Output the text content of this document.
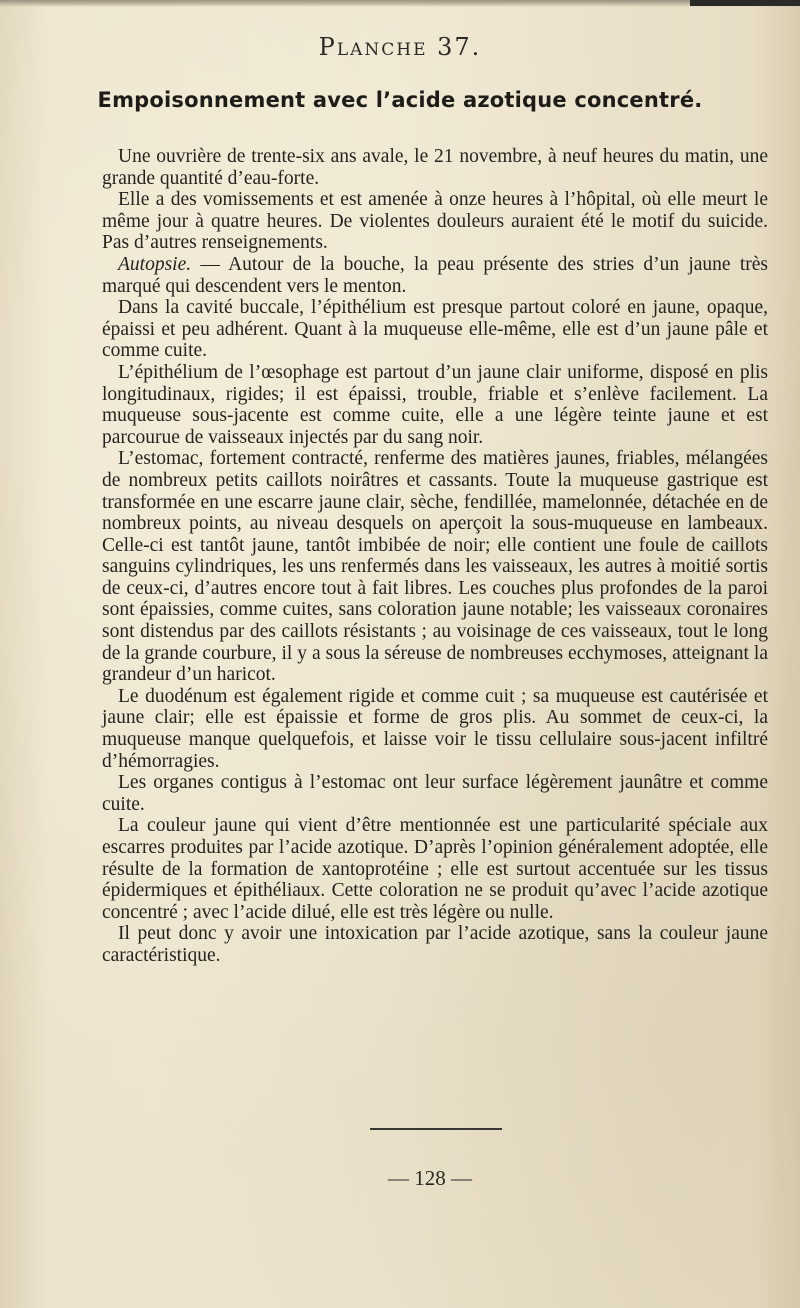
Planche 37.
Empoisonnement avec l’acide azotique concentré.

Une ouvrière de trente-six ans avale, le 21 novembre, à neuf heures du matin, une grande quantité d’eau-forte.

Elle a des vomissements et est amenée à onze heures à l’hôpital, où elle meurt le même jour à quatre heures. De violentes douleurs auraient été le motif du suicide. Pas d’autres renseignements.

Autopsie. — Autour de la bouche, la peau présente des stries d’un jaune très marqué qui descendent vers le menton.

Dans la cavité buccale, l’épithélium est presque partout coloré en jaune, opaque, épaissi et peu adhérent. Quant à la muqueuse elle-même, elle est d’un jaune pâle et comme cuite.

L’épithélium de l’œsophage est partout d’un jaune clair uniforme, disposé en plis longitudinaux, rigides; il est épaissi, trouble, friable et s’enlève facilement. La muqueuse sous-jacente est comme cuite, elle a une légère teinte jaune et est parcourue de vaisseaux injectés par du sang noir.

L’estomac, fortement contracté, renferme des matières jaunes, friables, mélangées de nombreux petits caillots noirâtres et cassants. Toute la muqueuse gastrique est transformée en une escarre jaune clair, sèche, fendillée, mamelonnée, détachée en de nombreux points, au niveau desquels on aperçoit la sous-muqueuse en lambeaux. Celle-ci est tantôt jaune, tantôt imbibée de noir; elle contient une foule de caillots sanguins cylindriques, les uns renfermés dans les vaisseaux, les autres à moitié sortis de ceux-ci, d’autres encore tout à fait libres. Les couches plus profondes de la paroi sont épaissies, comme cuites, sans coloration jaune notable; les vaisseaux coronaires sont distendus par des caillots résistants ; au voisinage de ces vaisseaux, tout le long de la grande courbure, il y a sous la séreuse de nombreuses ecchymoses, atteignant la grandeur d’un haricot.

Le duodénum est également rigide et comme cuit ; sa muqueuse est cautérisée et jaune clair; elle est épaissie et forme de gros plis. Au sommet de ceux-ci, la muqueuse manque quelquefois, et laisse voir le tissu cellulaire sous-jacent infiltré d’hémorragies.

Les organes contigus à l’estomac ont leur surface légèrement jaunâtre et comme cuite.

La couleur jaune qui vient d’être mentionnée est une particularité spéciale aux escarres produites par l’acide azotique. D’après l’opinion généralement adoptée, elle résulte de la formation de xantoprotéine ; elle est surtout accentuée sur les tissus épidermiques et épithéliaux. Cette coloration ne se produit qu’avec l’acide azotique concentré ; avec l’acide dilué, elle est très légère ou nulle.

Il peut donc y avoir une intoxication par l’acide azotique, sans la couleur jaune caractéristique.

— 128 —
